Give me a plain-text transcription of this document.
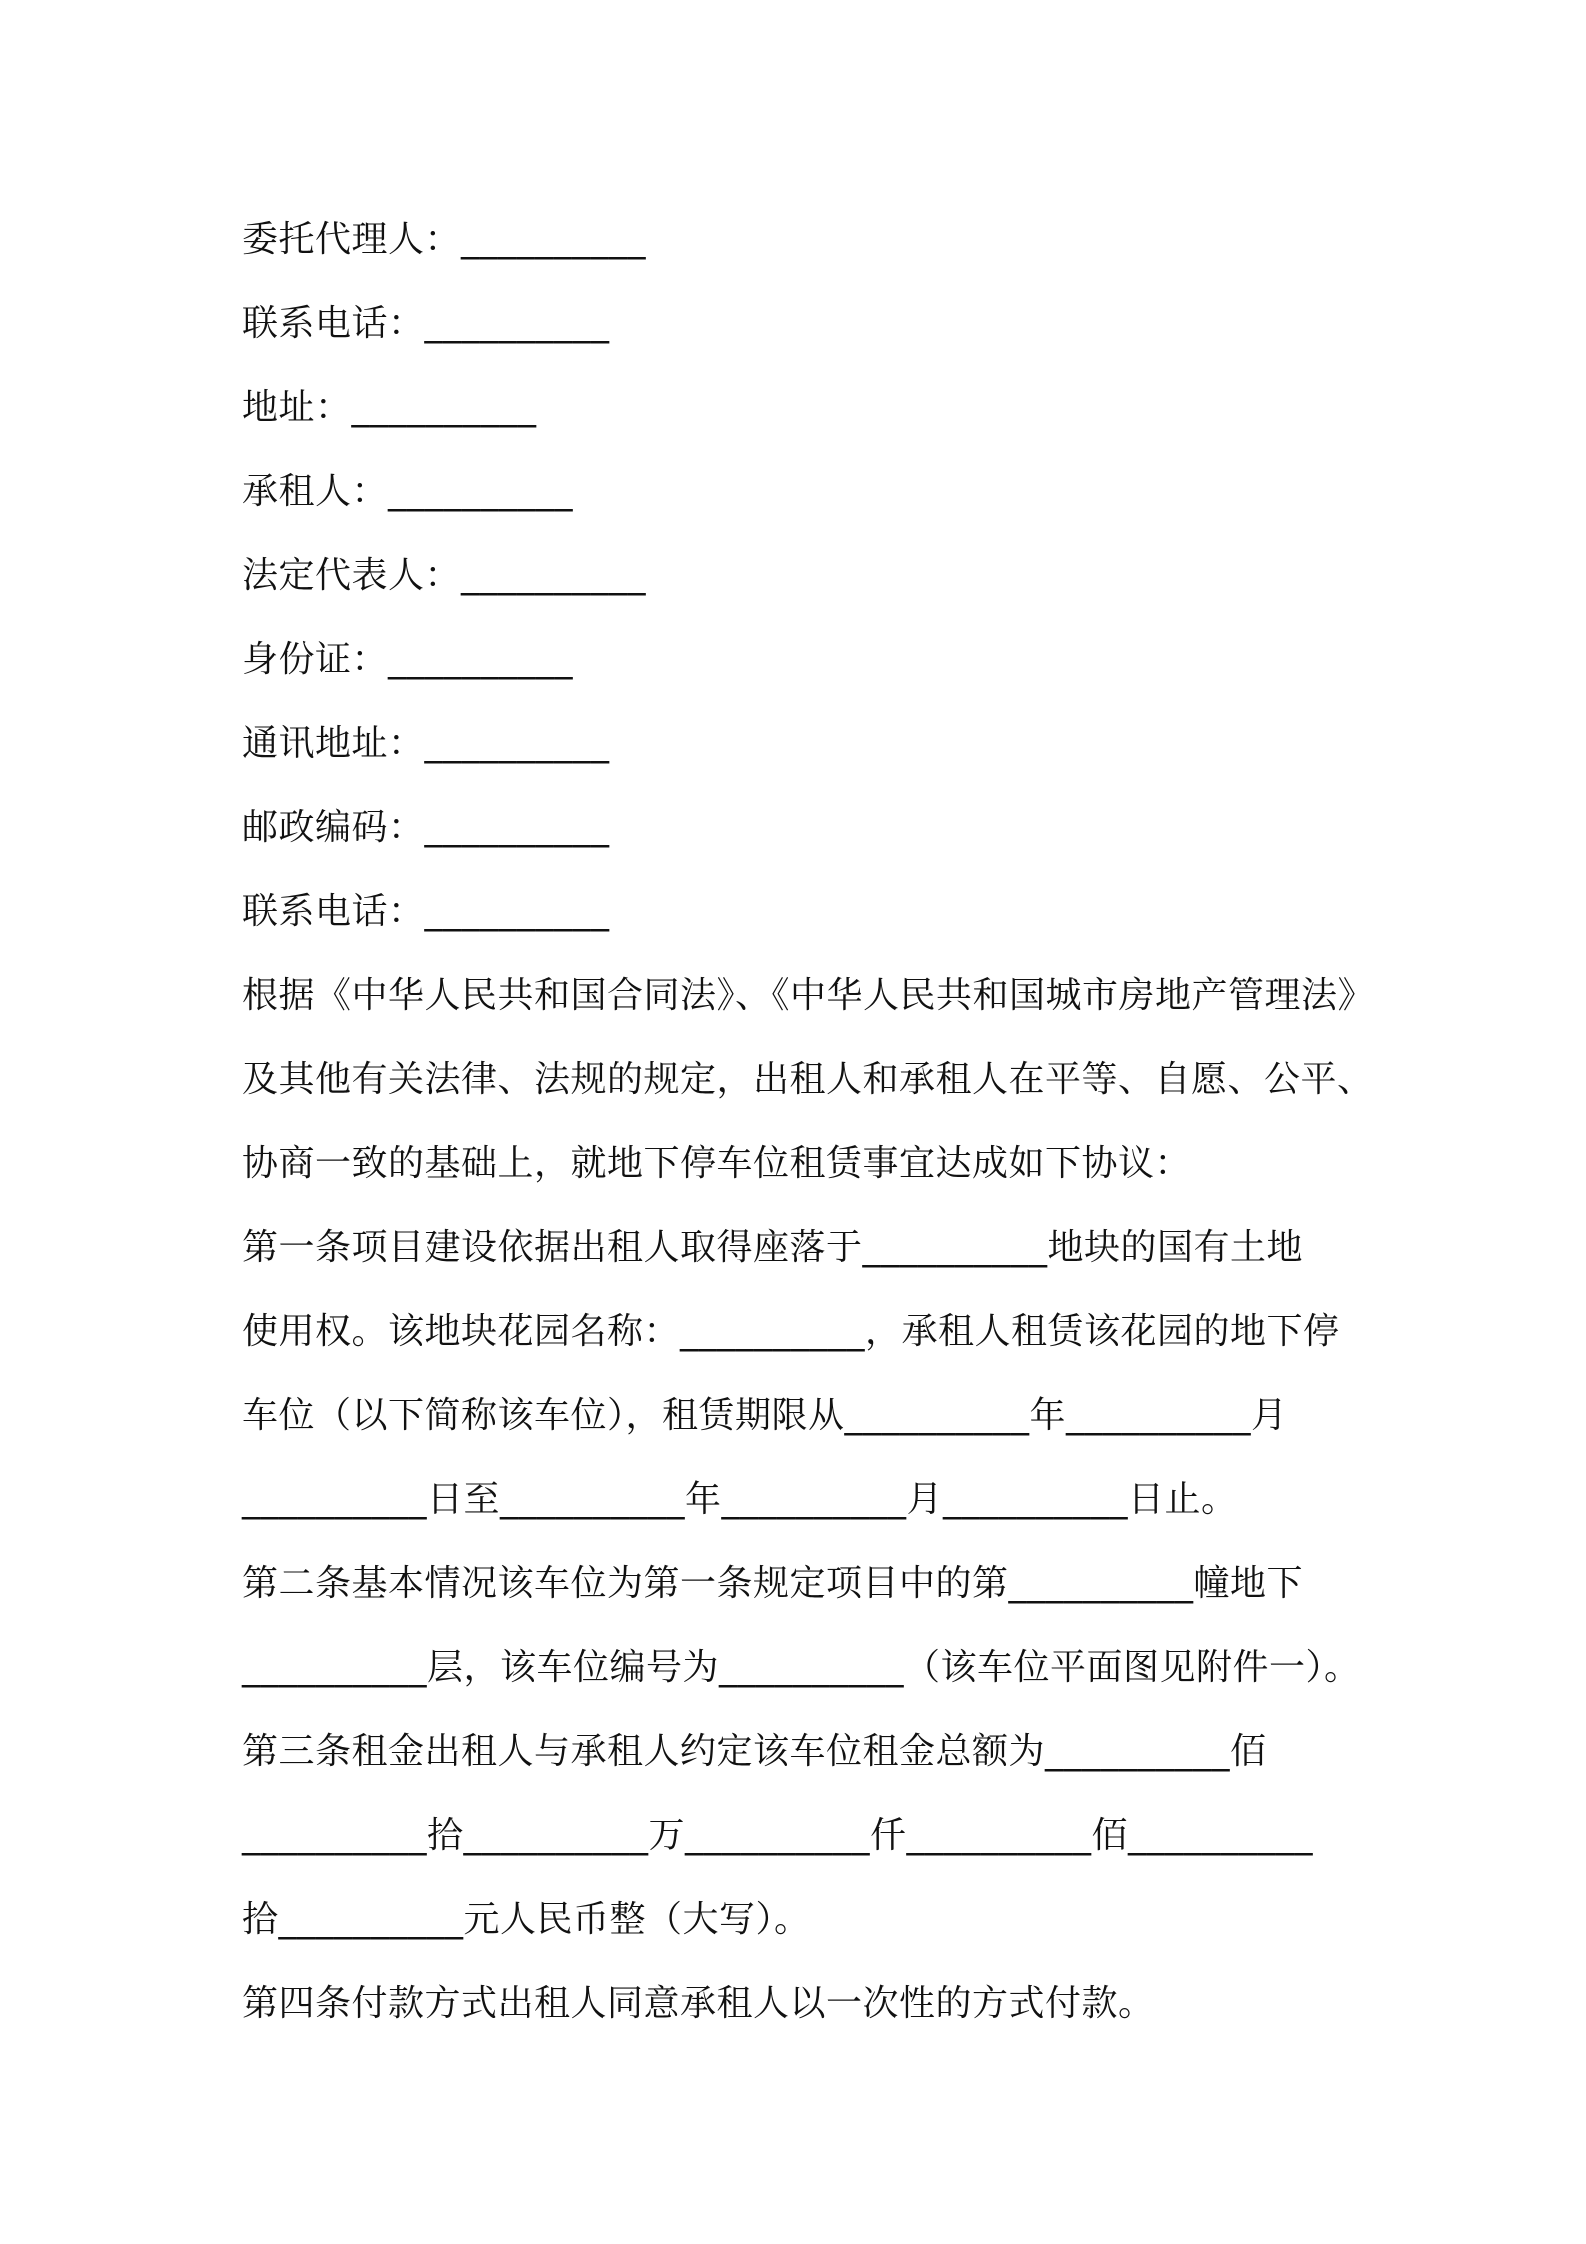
委托代理人：__________
联系电话：__________
地址：__________
承租人：__________
法定代表人：__________
身份证：__________
通讯地址：__________
邮政编码：__________
联系电话：__________
根据《中华人民共和国合同法》、《中华人民共和国城市房地产管理法》
及其他有关法律、法规的规定，出租人和承租人在平等、自愿、公平、
协商一致的基础上，就地下停车位租赁事宜达成如下协议：
第一条项目建设依据出租人取得座落于__________地块的国有土地
使用权。该地块花园名称：__________，承租人租赁该花园的地下停
车位（以下简称该车位），租赁期限从__________年__________月
__________日至__________年__________月__________日止。
第二条基本情况该车位为第一条规定项目中的第__________幢地下
__________层，该车位编号为__________（该车位平面图见附件一）。
第三条租金出租人与承租人约定该车位租金总额为__________佰
__________拾__________万__________仟__________佰__________
拾__________元人民币整（大写）。
第四条付款方式出租人同意承租人以一次性的方式付款。
